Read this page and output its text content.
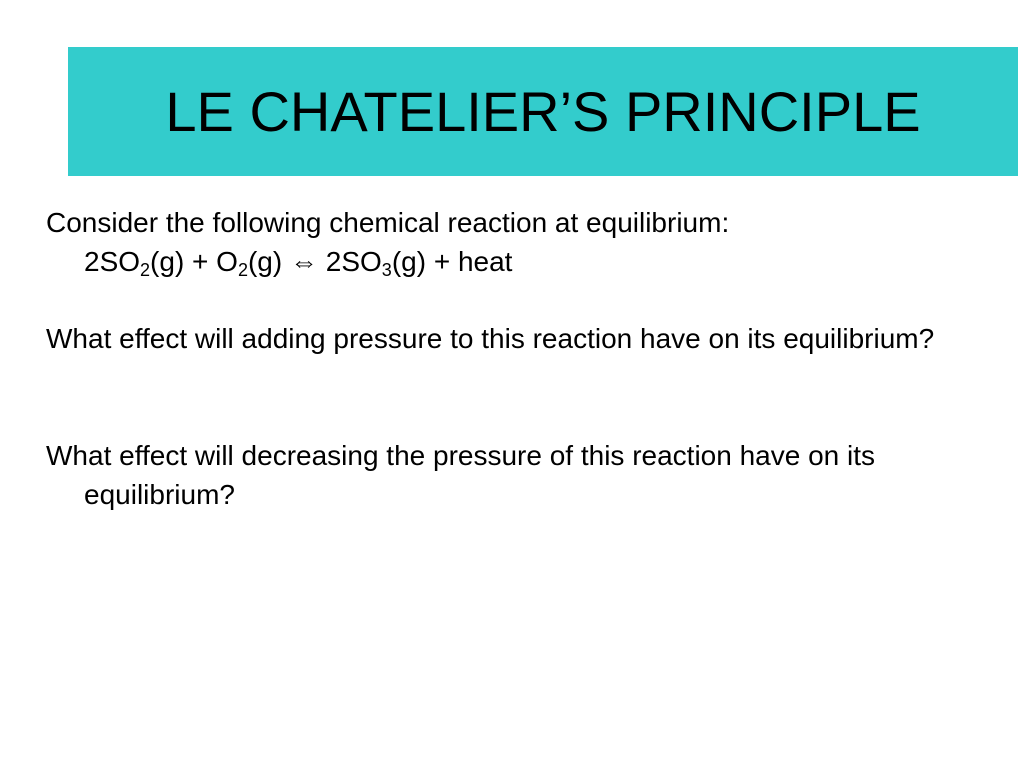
LE CHATELIER’S PRINCIPLE

Consider the following chemical reaction at equilibrium:

$2SO_2(g) + O_2(g)$ ⇔ $2SO_3(g)$ + heat

What effect will adding pressure to this reaction have on its equilibrium?

What effect will decreasing the pressure of this reaction have on its equilibrium?
